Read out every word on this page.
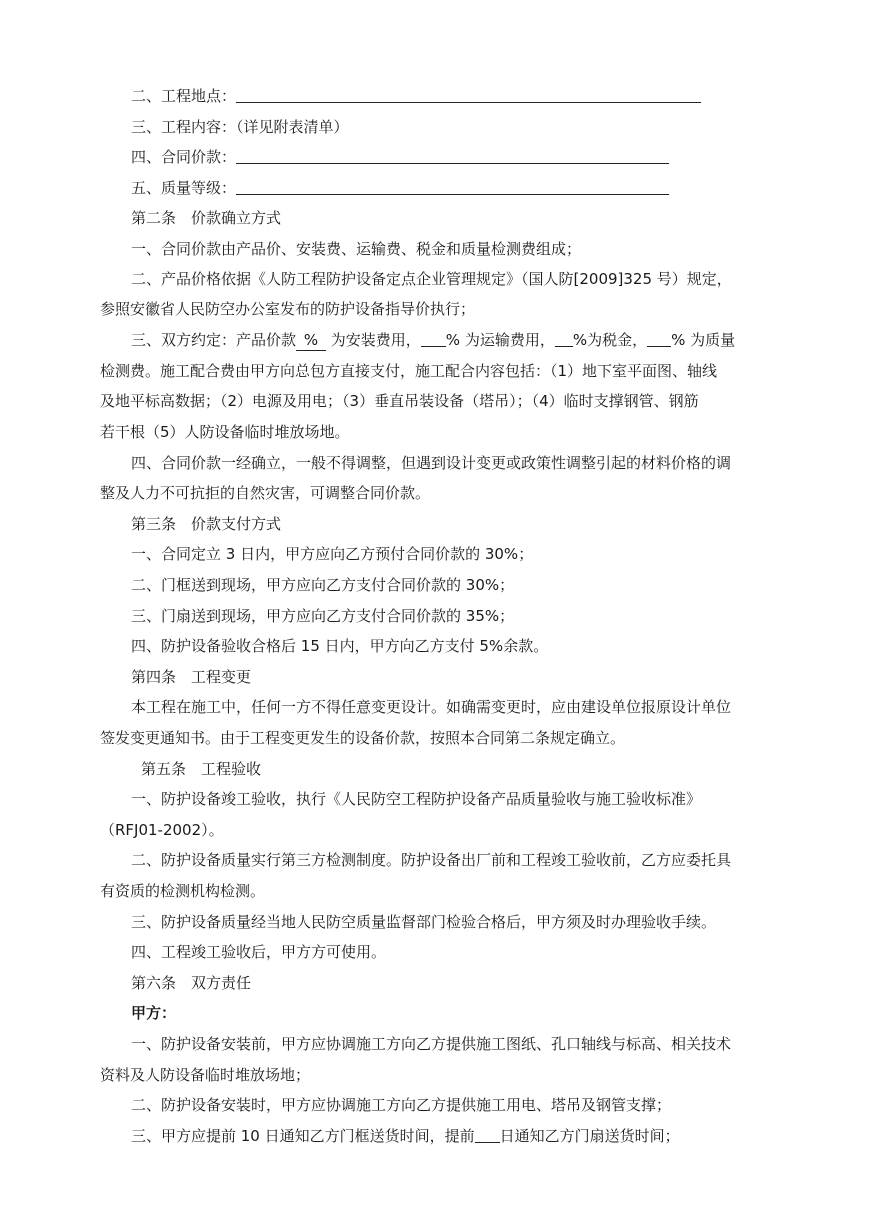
二、工程地点：
三、工程内容：（详见附表清单）
四、合同价款：
五、质量等级：
第二条　价款确立方式
一、合同价款由产品价、安装费、运输费、税金和质量检测费组成；
二、产品价格依据《人防工程防护设备定点企业管理规定》（国人防[2009]325 号）规定，
参照安徽省人民防空办公室发布的防护设备指导价执行；
三、双方约定：产品价款 % 为安装费用， % 为运输费用， %为税金， % 为质量
检测费。施工配合费由甲方向总包方直接支付，施工配合内容包括：（1）地下室平面图、轴线
及地平标高数据；（2）电源及用电；（3）垂直吊装设备（塔吊）；（4）临时支撑钢管、钢筋
若干根（5）人防设备临时堆放场地。
四、合同价款一经确立，一般不得调整，但遇到设计变更或政策性调整引起的材料价格的调
整及人力不可抗拒的自然灾害，可调整合同价款。
第三条　价款支付方式
一、合同定立 3 日内，甲方应向乙方预付合同价款的 30%；
二、门框送到现场，甲方应向乙方支付合同价款的 30%；
三、门扇送到现场，甲方应向乙方支付合同价款的 35%；
四、防护设备验收合格后 15 日内，甲方向乙方支付 5%余款。
第四条　工程变更
本工程在施工中，任何一方不得任意变更设计。如确需变更时，应由建设单位报原设计单位
签发变更通知书。由于工程变更发生的设备价款，按照本合同第二条规定确立。
第五条　工程验收
一、防护设备竣工验收，执行《人民防空工程防护设备产品质量验收与施工验收标准》
（RFJ01-2002）。
二、防护设备质量实行第三方检测制度。防护设备出厂前和工程竣工验收前，乙方应委托具
有资质的检测机构检测。
三、防护设备质量经当地人民防空质量监督部门检验合格后，甲方须及时办理验收手续。
四、工程竣工验收后，甲方方可使用。
第六条　双方责任
甲方：
一、防护设备安装前，甲方应协调施工方向乙方提供施工图纸、孔口轴线与标高、相关技术
资料及人防设备临时堆放场地；
二、防护设备安装时，甲方应协调施工方向乙方提供施工用电、塔吊及钢管支撑；
三、甲方应提前 10 日通知乙方门框送货时间，提前 日通知乙方门扇送货时间；
